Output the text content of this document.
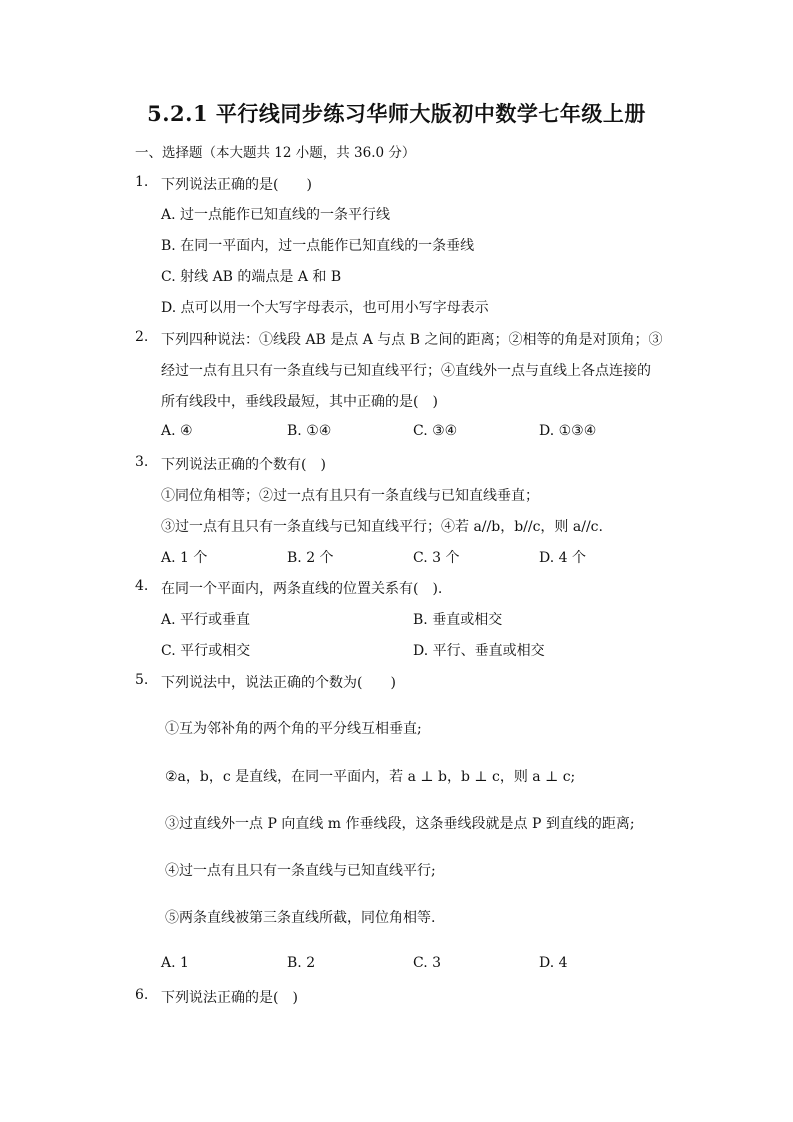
5.2.1 平行线同步练习华师大版初中数学七年级上册
一、选择题（本大题共 12 小题，共 36.0 分）
1. 下列说法正确的是(　　)
A. 过一点能作已知直线的一条平行线
B. 在同一平面内，过一点能作已知直线的一条垂线
C. 射线 AB 的端点是 A 和 B
D. 点可以用一个大写字母表示，也可用小写字母表示
2. 下列四种说法：①线段 AB 是点 A 与点 B 之间的距离；②相等的角是对顶角；③
经过一点有且只有一条直线与已知直线平行；④直线外一点与直线上各点连接的
所有线段中，垂线段最短，其中正确的是(　)
A. ④	B. ①④	C. ③④	D. ①③④
3. 下列说法正确的个数有(　)
①同位角相等；②过一点有且只有一条直线与已知直线垂直；
③过一点有且只有一条直线与已知直线平行；④若 a//b，b//c，则 a//c.
A. 1 个	B. 2 个	C. 3 个	D. 4 个
4. 在同一个平面内，两条直线的位置关系有(　).
A. 平行或垂直	B. 垂直或相交
C. 平行或相交	D. 平行、垂直或相交
5. 下列说法中，说法正确的个数为(　　)
①互为邻补角的两个角的平分线互相垂直;
②a，b，c 是直线，在同一平面内，若 a ⊥ b，b ⊥ c，则 a ⊥ c;
③过直线外一点 P 向直线 m 作垂线段，这条垂线段就是点 P 到直线的距离;
④过一点有且只有一条直线与已知直线平行;
⑤两条直线被第三条直线所截，同位角相等.
A. 1	B. 2	C. 3	D. 4
6. 下列说法正确的是(　)
